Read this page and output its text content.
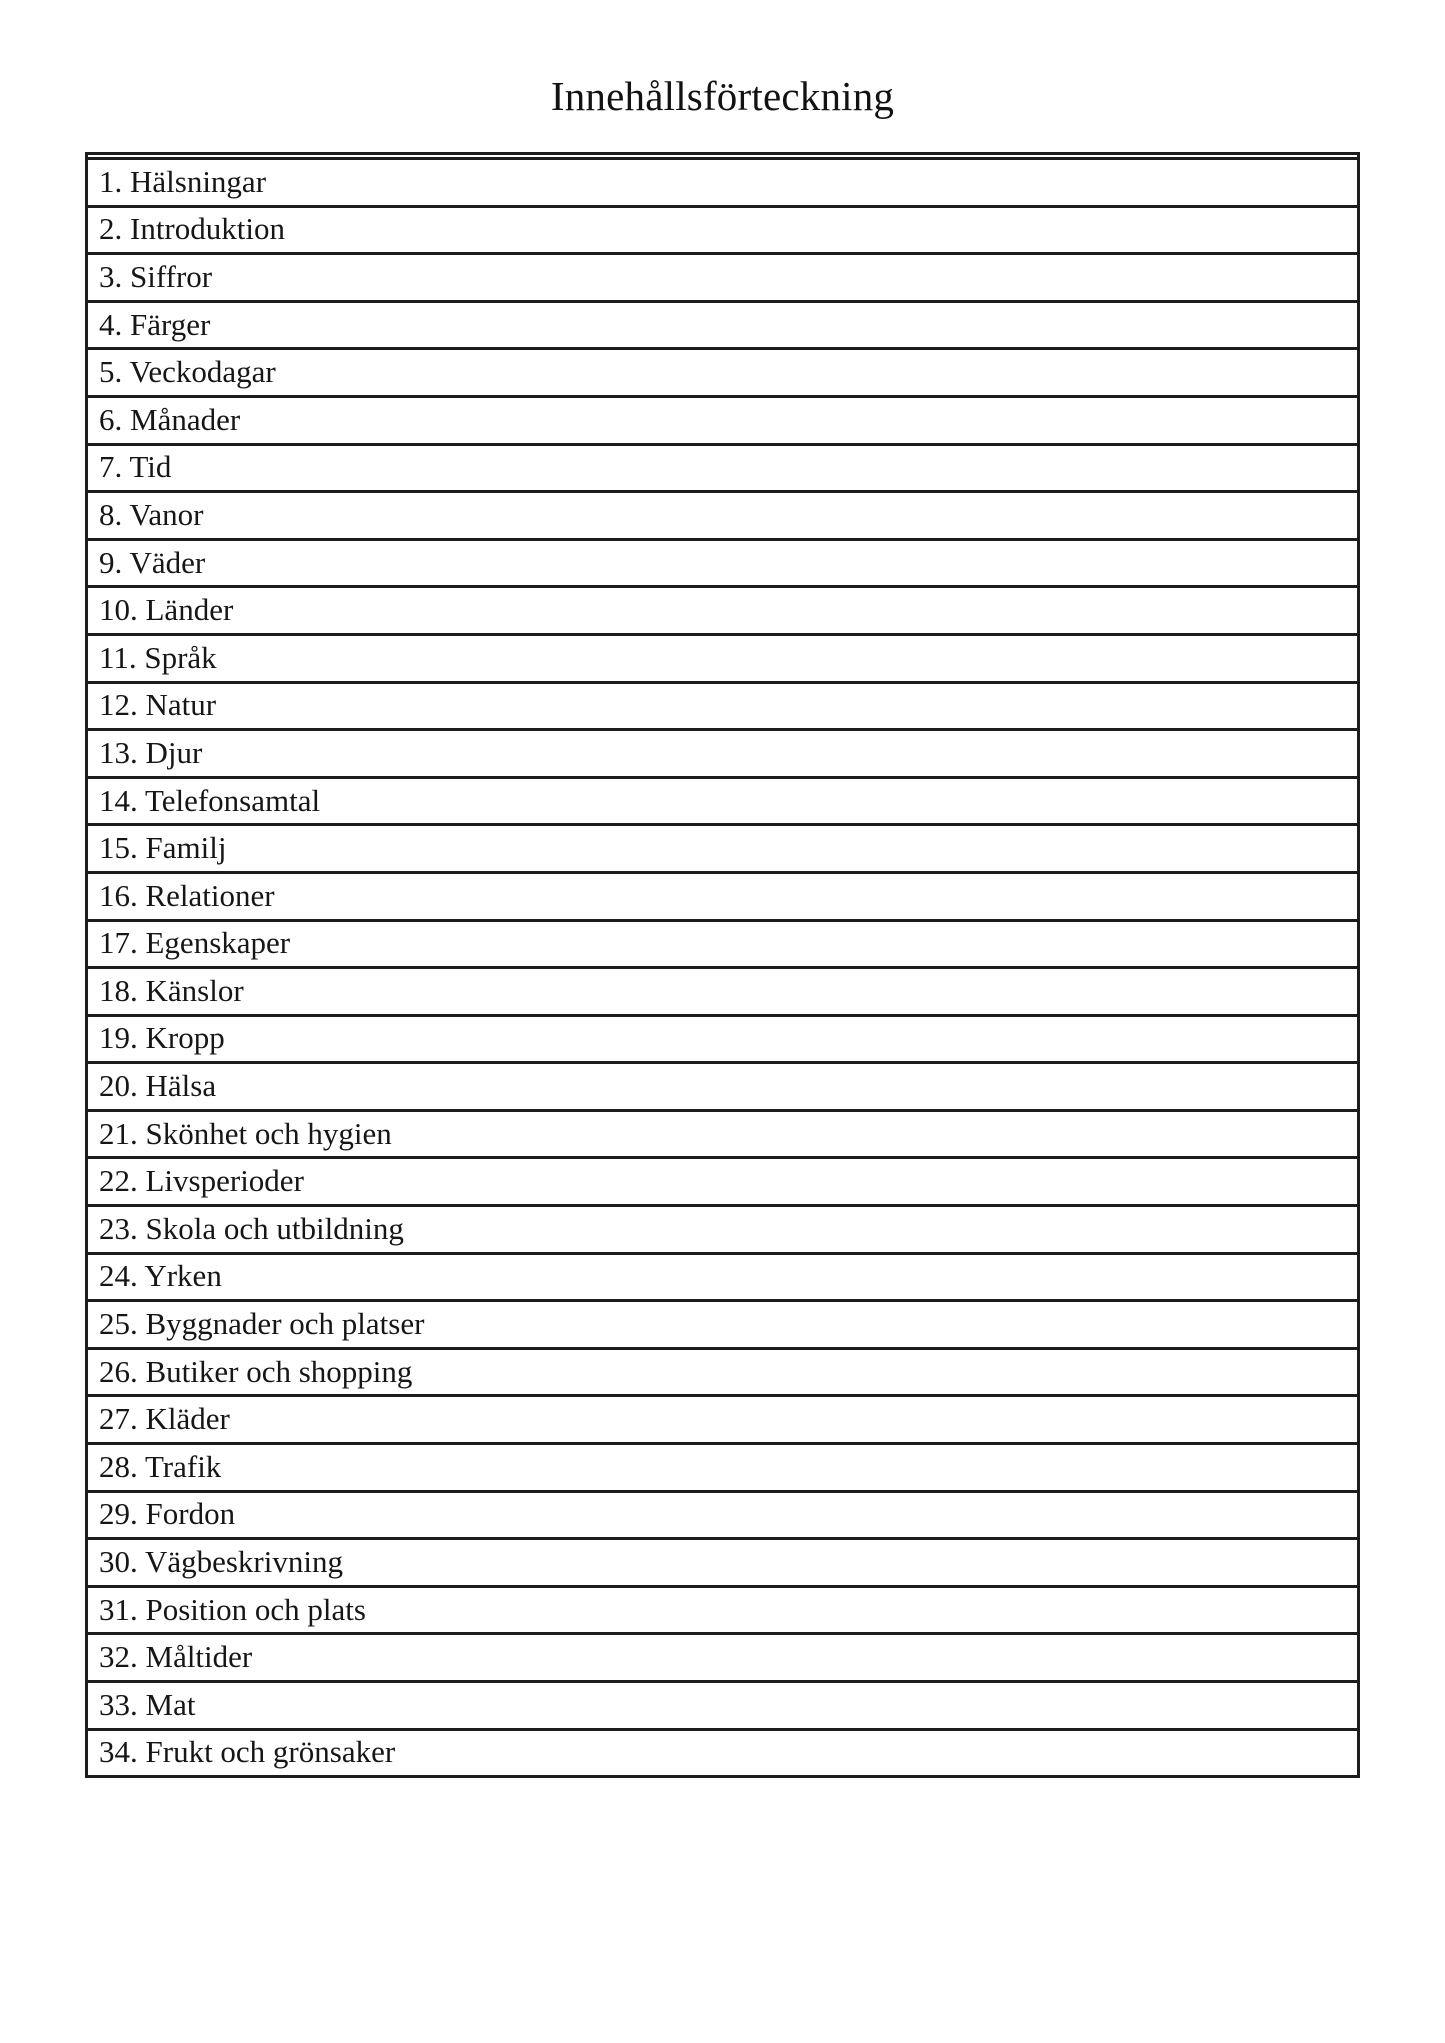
Innehållsförteckning
1. Hälsningar
2. Introduktion
3. Siffror
4. Färger
5. Veckodagar
6. Månader
7. Tid
8. Vanor
9. Väder
10. Länder
11. Språk
12. Natur
13. Djur
14. Telefonsamtal
15. Familj
16. Relationer
17. Egenskaper
18. Känslor
19. Kropp
20. Hälsa
21. Skönhet och hygien
22. Livsperioder
23. Skola och utbildning
24. Yrken
25. Byggnader och platser
26. Butiker och shopping
27. Kläder
28. Trafik
29. Fordon
30. Vägbeskrivning
31. Position och plats
32. Måltider
33. Mat
34. Frukt och grönsaker
